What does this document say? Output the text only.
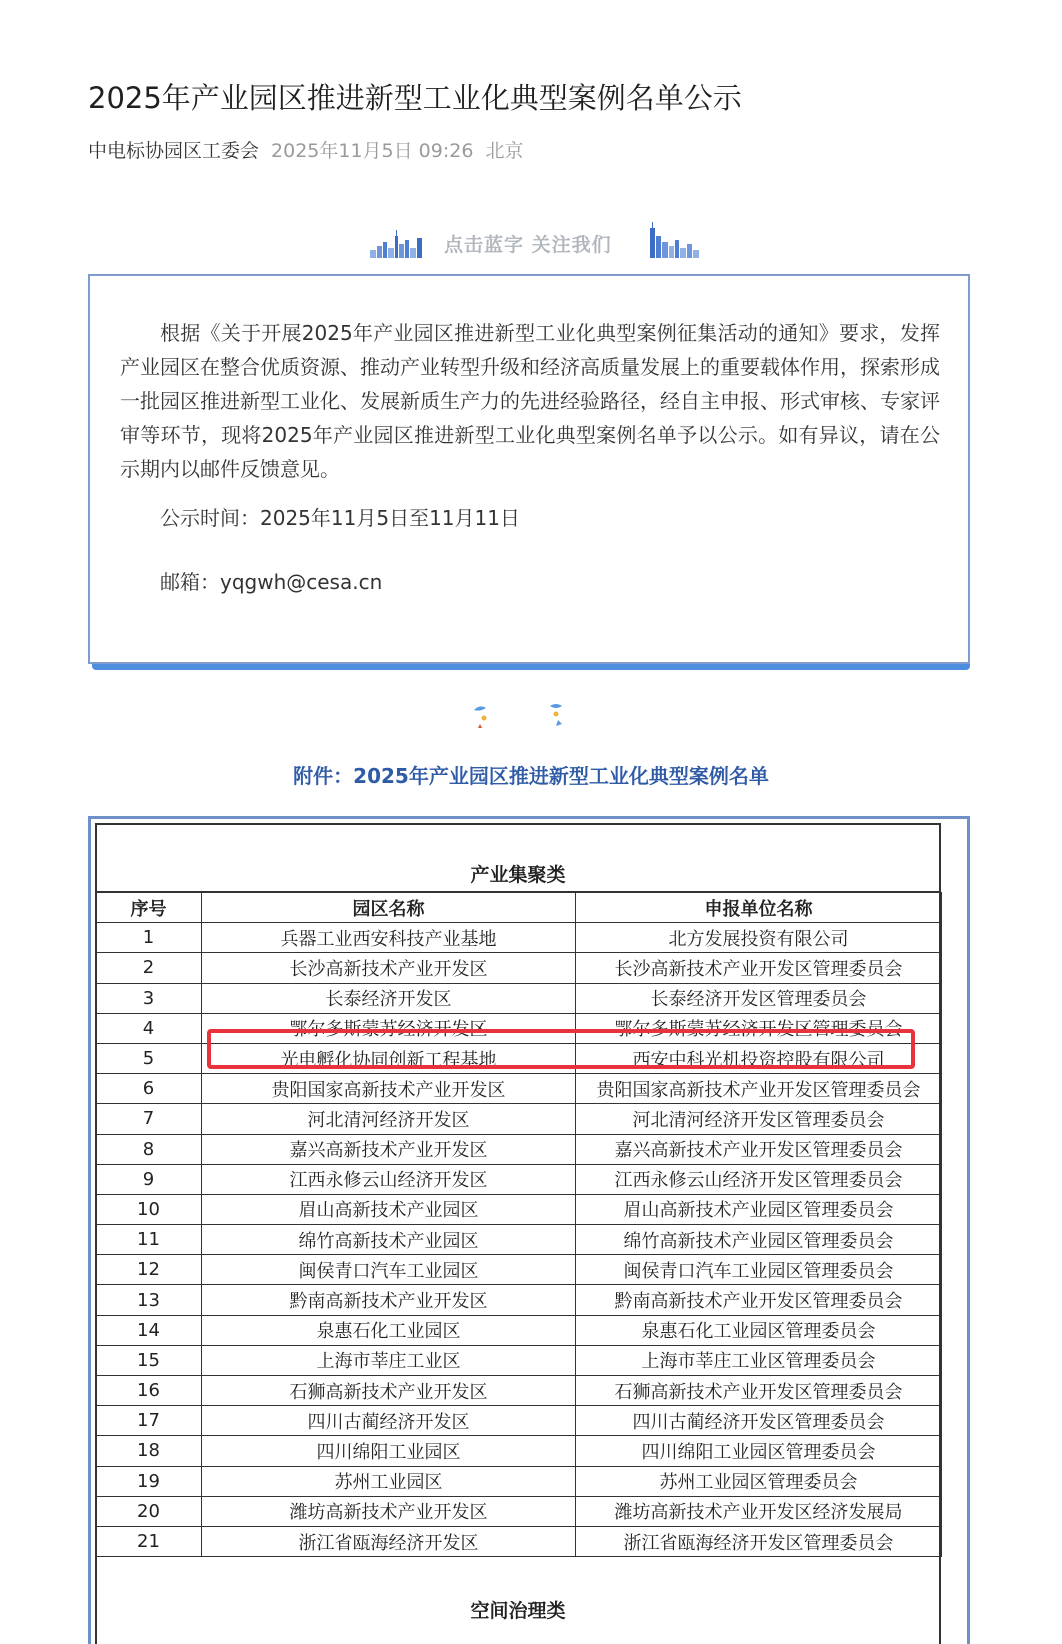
2025年产业园区推进新型工业化典型案例名单公示
中电标协园区工委会 2025年11月5日 09:26 北京
点击蓝字 关注我们

根据《关于开展2025年产业园区推进新型工业化典型案例征集活动的通知》要求，发挥产业园区在整合优质资源、推动产业转型升级和经济高质量发展上的重要载体作用，探索形成一批园区推进新型工业化、发展新质生产力的先进经验路径，经自主申报、形式审核、专家评审等环节，现将2025年产业园区推进新型工业化典型案例名单予以公示。如有异议，请在公示期内以邮件反馈意见。

公示时间：2025年11月5日至11月11日
邮箱：yqgwh@cesa.cn
附件：2025年产业园区推进新型工业化典型案例名单
产业集聚类
序号	园区名称	申报单位名称
1	兵器工业西安科技产业基地	北方发展投资有限公司
2	长沙高新技术产业开发区	长沙高新技术产业开发区管理委员会
3	长泰经济开发区	长泰经济开发区管理委员会
4	鄂尔多斯蒙苏经济开发区	鄂尔多斯蒙苏经济开发区管理委员会
5	光电孵化协同创新工程基地	西安中科光机投资控股有限公司
6	贵阳国家高新技术产业开发区	贵阳国家高新技术产业开发区管理委员会
7	河北清河经济开发区	河北清河经济开发区管理委员会
8	嘉兴高新技术产业开发区	嘉兴高新技术产业开发区管理委员会
9	江西永修云山经济开发区	江西永修云山经济开发区管理委员会
10	眉山高新技术产业园区	眉山高新技术产业园区管理委员会
11	绵竹高新技术产业园区	绵竹高新技术产业园区管理委员会
12	闽侯青口汽车工业园区	闽侯青口汽车工业园区管理委员会
13	黔南高新技术产业开发区	黔南高新技术产业开发区管理委员会
14	泉惠石化工业园区	泉惠石化工业园区管理委员会
15	上海市莘庄工业区	上海市莘庄工业区管理委员会
16	石狮高新技术产业开发区	石狮高新技术产业开发区管理委员会
17	四川古蔺经济开发区	四川古蔺经济开发区管理委员会
18	四川绵阳工业园区	四川绵阳工业园区管理委员会
19	苏州工业园区	苏州工业园区管理委员会
20	潍坊高新技术产业开发区	潍坊高新技术产业开发区经济发展局
21	浙江省瓯海经济开发区	浙江省瓯海经济开发区管理委员会
空间治理类
